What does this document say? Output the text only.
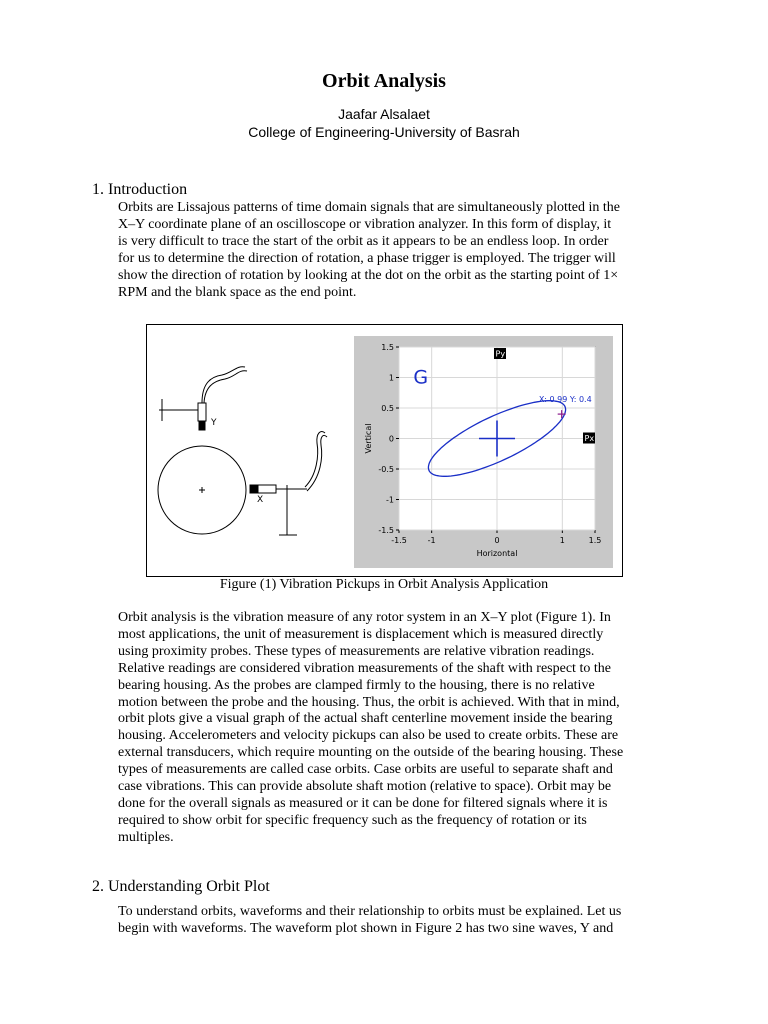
Orbit Analysis
Jaafar Alsalaet
College of Engineering-University of Basrah
1. Introduction
Orbits are Lissajous patterns of time domain signals that are simultaneously plotted in the
X–Y coordinate plane of an oscilloscope or vibration analyzer. In this form of display, it
is very difficult to trace the start of the orbit as it appears to be an endless loop. In order
for us to determine the direction of rotation, a phase trigger is employed. The trigger will
show the direction of rotation by looking at the dot on the orbit as the starting point of 1×
RPM and the blank space as the end point.
Y
X
-1.5	-1	0	1	1.5
1.5
1
0.5
0
-0.5
-1
-1.5
Horizontal
Vertical
X: 0.99 Y: 0.4
G
Py
Px
Figure (1) Vibration Pickups in Orbit Analysis Application
Orbit analysis is the vibration measure of any rotor system in an X–Y plot (Figure 1). In
most applications, the unit of measurement is displacement which is measured directly
using proximity probes. These types of measurements are relative vibration readings.
Relative readings are considered vibration measurements of the shaft with respect to the
bearing housing. As the probes are clamped firmly to the housing, there is no relative
motion between the probe and the housing. Thus, the orbit is achieved. With that in mind,
orbit plots give a visual graph of the actual shaft centerline movement inside the bearing
housing. Accelerometers and velocity pickups can also be used to create orbits. These are
external transducers, which require mounting on the outside of the bearing housing. These
types of measurements are called case orbits. Case orbits are useful to separate shaft and
case vibrations. This can provide absolute shaft motion (relative to space). Orbit may be
done for the overall signals as measured or it can be done for filtered signals where it is
required to show orbit for specific frequency such as the frequency of rotation or its
multiples.
2. Understanding Orbit Plot
To understand orbits, waveforms and their relationship to orbits must be explained. Let us
begin with waveforms. The waveform plot shown in Figure 2 has two sine waves, Y and
